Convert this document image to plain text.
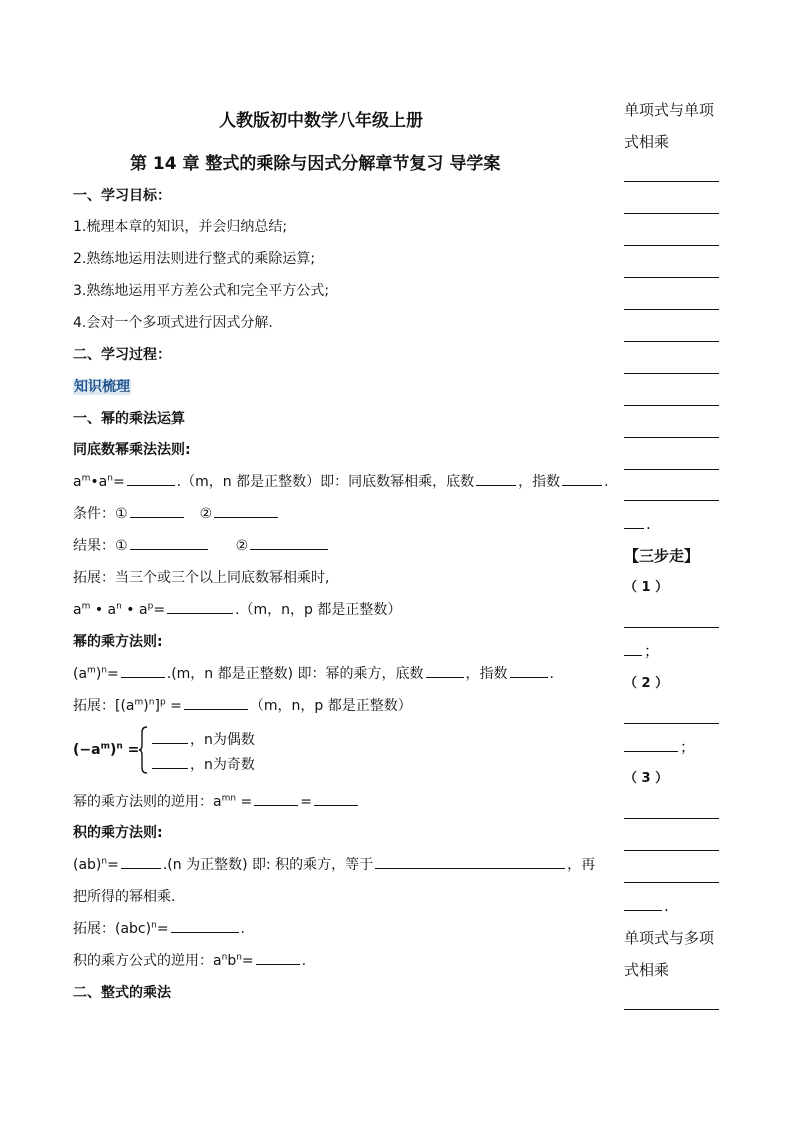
人教版初中数学八年级上册
第 14 章 整式的乘除与因式分解章节复习 导学案
一、学习目标：
1.梳理本章的知识，并会归纳总结;
2.熟练地运用法则进行整式的乘除运算;
3.熟练地运用平方差公式和完全平方公式;
4.会对一个多项式进行因式分解.
二、学习过程：
知识梳理
一、幂的乘法运算
同底数幂乘法法则:
$a^m•a^n=$	.（m，n 都是正整数）即：同底数幂相乘，底数	，指数	.
条件：①	②
结果：①	②
拓展：当三个或三个以上同底数幂相乘时,
$a^m$ • $a^n$ • $a^p=$	.（m，n，p 都是正整数）
幂的乘方法则:
$(a^m)^n=$	.(m，n 都是正整数) 即：幂的乘方，底数	，指数	.
拓展：$[(a^m)^n]^p$ =	（m，n，p 都是正整数）
$(-a^m)^n$ =
，n为偶数
，n为奇数
幂的乘方法则的逆用：$a^{mn}$ =	=
积的乘方法则:
(ab)$^n$=	.(n 为正整数) 即: 积的乘方，等于	，再
把所得的幂相乘.
拓展：(abc)$^n$=	.
积的乘方公式的逆用：$a^nb^n=$	.
二、整式的乘法
单项式与单项
式相乘
.
【三步走】
（ 1 ）
；
（ 2 ）
；
（ 3 ）
.
单项式与多项
式相乘
